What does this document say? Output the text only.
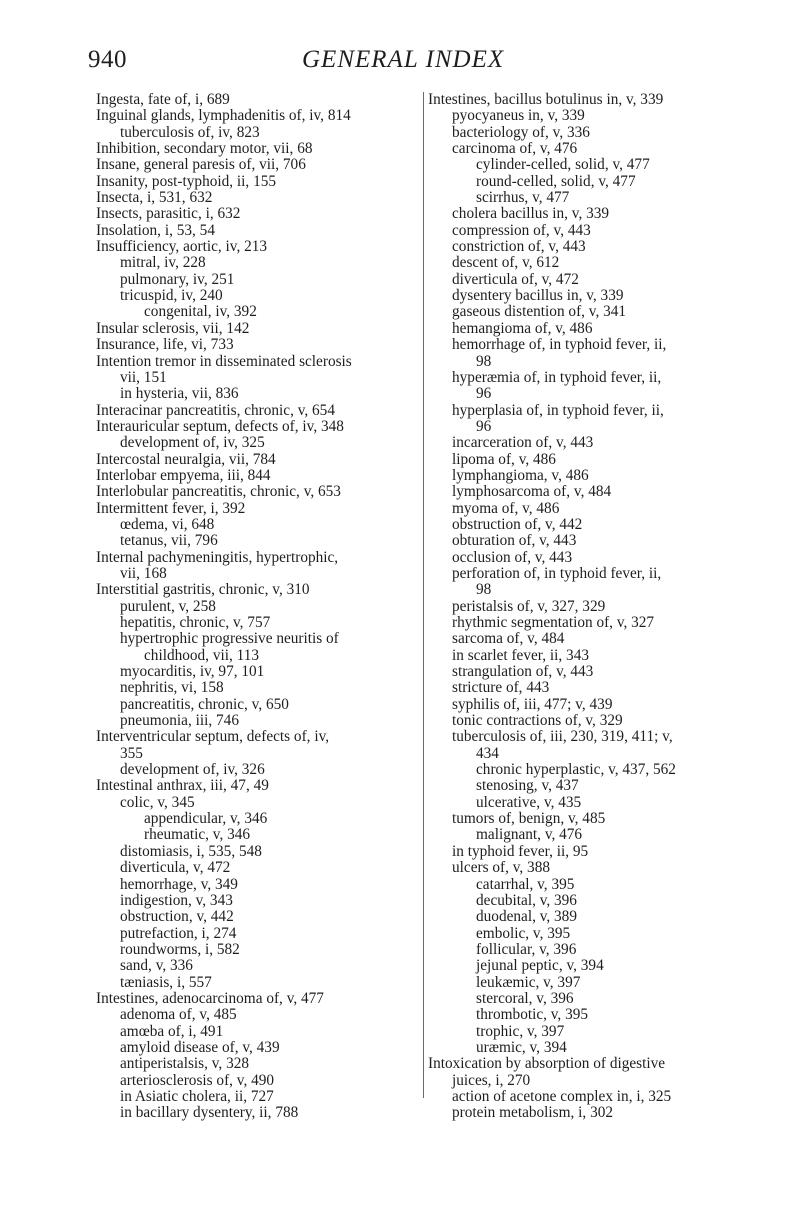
940	GENERAL INDEX
Ingesta, fate of, i, 689
Inguinal glands, lymphadenitis of, iv, 814
tuberculosis of, iv, 823
Inhibition, secondary motor, vii, 68
Insane, general paresis of, vii, 706
Insanity, post-typhoid, ii, 155
Insecta, i, 531, 632
Insects, parasitic, i, 632
Insolation, i, 53, 54
Insufficiency, aortic, iv, 213
mitral, iv, 228
pulmonary, iv, 251
tricuspid, iv, 240
congenital, iv, 392
Insular sclerosis, vii, 142
Insurance, life, vi, 733
Intention tremor in disseminated sclerosis
vii, 151
in hysteria, vii, 836
Interacinar pancreatitis, chronic, v, 654
Interauricular septum, defects of, iv, 348
development of, iv, 325
Intercostal neuralgia, vii, 784
Interlobar empyema, iii, 844
Interlobular pancreatitis, chronic, v, 653
Intermittent fever, i, 392
œdema, vi, 648
tetanus, vii, 796
Internal pachymeningitis, hypertrophic,
vii, 168
Interstitial gastritis, chronic, v, 310
purulent, v, 258
hepatitis, chronic, v, 757
hypertrophic progressive neuritis of
childhood, vii, 113
myocarditis, iv, 97, 101
nephritis, vi, 158
pancreatitis, chronic, v, 650
pneumonia, iii, 746
Interventricular septum, defects of, iv,
355
development of, iv, 326
Intestinal anthrax, iii, 47, 49
colic, v, 345
appendicular, v, 346
rheumatic, v, 346
distomiasis, i, 535, 548
diverticula, v, 472
hemorrhage, v, 349
indigestion, v, 343
obstruction, v, 442
putrefaction, i, 274
roundworms, i, 582
sand, v, 336
tæniasis, i, 557
Intestines, adenocarcinoma of, v, 477
adenoma of, v, 485
amœba of, i, 491
amyloid disease of, v, 439
antiperistalsis, v, 328
arteriosclerosis of, v, 490
in Asiatic cholera, ii, 727
in bacillary dysentery, ii, 788
Intestines, bacillus botulinus in, v, 339
pyocyaneus in, v, 339
bacteriology of, v, 336
carcinoma of, v, 476
cylinder-celled, solid, v, 477
round-celled, solid, v, 477
scirrhus, v, 477
cholera bacillus in, v, 339
compression of, v, 443
constriction of, v, 443
descent of, v, 612
diverticula of, v, 472
dysentery bacillus in, v, 339
gaseous distention of, v, 341
hemangioma of, v, 486
hemorrhage of, in typhoid fever, ii,
98
hyperæmia of, in typhoid fever, ii,
96
hyperplasia of, in typhoid fever, ii,
96
incarceration of, v, 443
lipoma of, v, 486
lymphangioma, v, 486
lymphosarcoma of, v, 484
myoma of, v, 486
obstruction of, v, 442
obturation of, v, 443
occlusion of, v, 443
perforation of, in typhoid fever, ii,
98
peristalsis of, v, 327, 329
rhythmic segmentation of, v, 327
sarcoma of, v, 484
in scarlet fever, ii, 343
strangulation of, v, 443
stricture of, 443
syphilis of, iii, 477; v, 439
tonic contractions of, v, 329
tuberculosis of, iii, 230, 319, 411; v,
434
chronic hyperplastic, v, 437, 562
stenosing, v, 437
ulcerative, v, 435
tumors of, benign, v, 485
malignant, v, 476
in typhoid fever, ii, 95
ulcers of, v, 388
catarrhal, v, 395
decubital, v, 396
duodenal, v, 389
embolic, v, 395
follicular, v, 396
jejunal peptic, v, 394
leukæmic, v, 397
stercoral, v, 396
thrombotic, v, 395
trophic, v, 397
uræmic, v, 394
Intoxication by absorption of digestive
juices, i, 270
action of acetone complex in, i, 325
protein metabolism, i, 302
